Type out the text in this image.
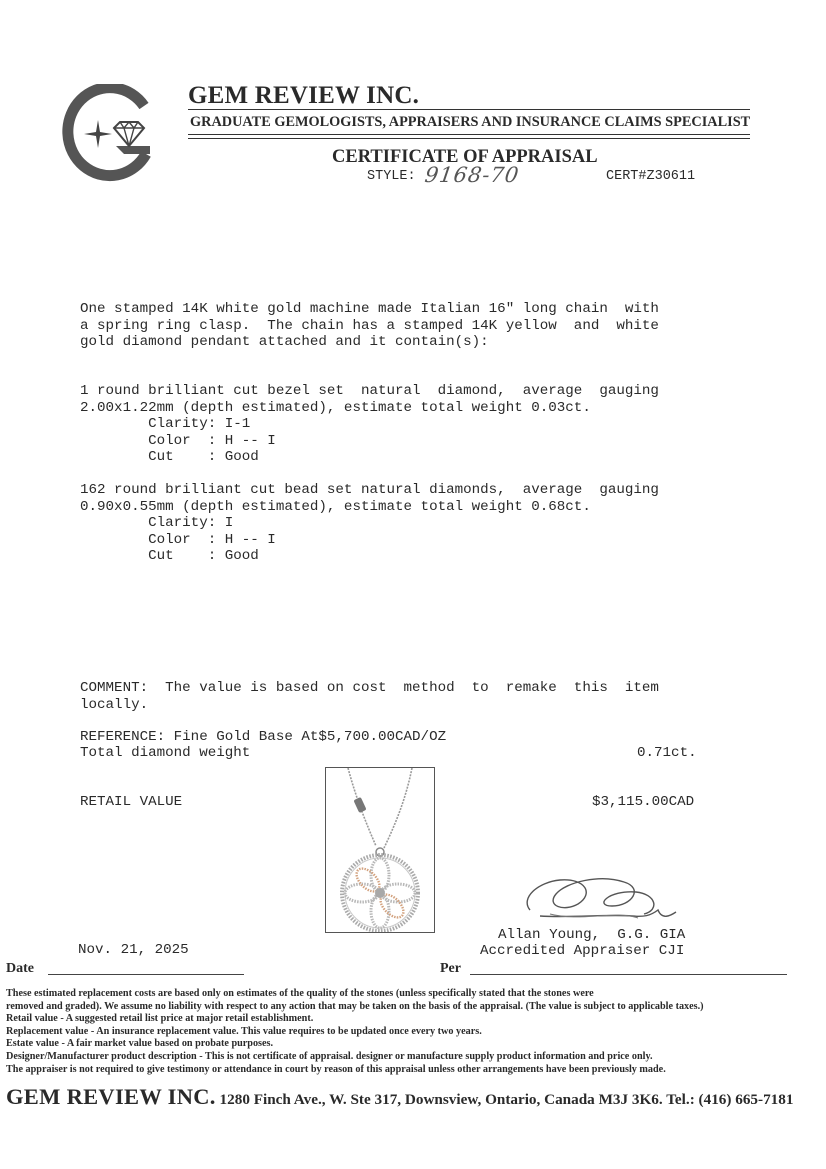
GEM REVIEW INC.
GRADUATE GEMOLOGISTS, APPRAISERS AND INSURANCE CLAIMS SPECIALIST
CERTIFICATE OF APPRAISAL
STYLE: 9168-70	CERT#Z30611
One stamped 14K white gold machine made Italian 16" long chain  with
a spring ring clasp.  The chain has a stamped 14K yellow  and  white
gold diamond pendant attached and it contain(s):
1 round brilliant cut bezel set  natural  diamond,  average  gauging
2.00x1.22mm (depth estimated), estimate total weight 0.03ct.
Clarity: I-1
Color  : H -- I
Cut    : Good
162 round brilliant cut bead set natural diamonds,  average  gauging
0.90x0.55mm (depth estimated), estimate total weight 0.68ct.
Clarity: I
Color  : H -- I
Cut    : Good
COMMENT:  The value is based on cost  method  to  remake  this  item
locally.
REFERENCE: Fine Gold Base At$5,700.00CAD/OZ
Total diamond weight	0.71ct.
RETAIL VALUE	$3,115.00CAD
Allan Young,  G.G. GIA
Accredited Appraiser CJI
Nov. 21, 2025
Date	Per
These estimated replacement costs are based only on estimates of the quality of the stones (unless specifically stated that the stones were
removed and graded). We assume no liability with respect to any action that may be taken on the basis of the appraisal. (The value is subject to applicable taxes.)
Retail value - A suggested retail list price at major retail establishment.
Replacement value - An insurance replacement value. This value requires to be updated once every two years.
Estate value - A fair market value based on probate purposes.
Designer/Manufacturer product description - This is not certificate of appraisal. designer or manufacture supply product information and price only.
The appraiser is not required to give testimony or attendance in court by reason of this appraisal unless other arrangements have been previously made.
GEM REVIEW INC. 1280 Finch Ave., W. Ste 317, Downsview, Ontario, Canada M3J 3K6. Tel.: (416) 665-7181
